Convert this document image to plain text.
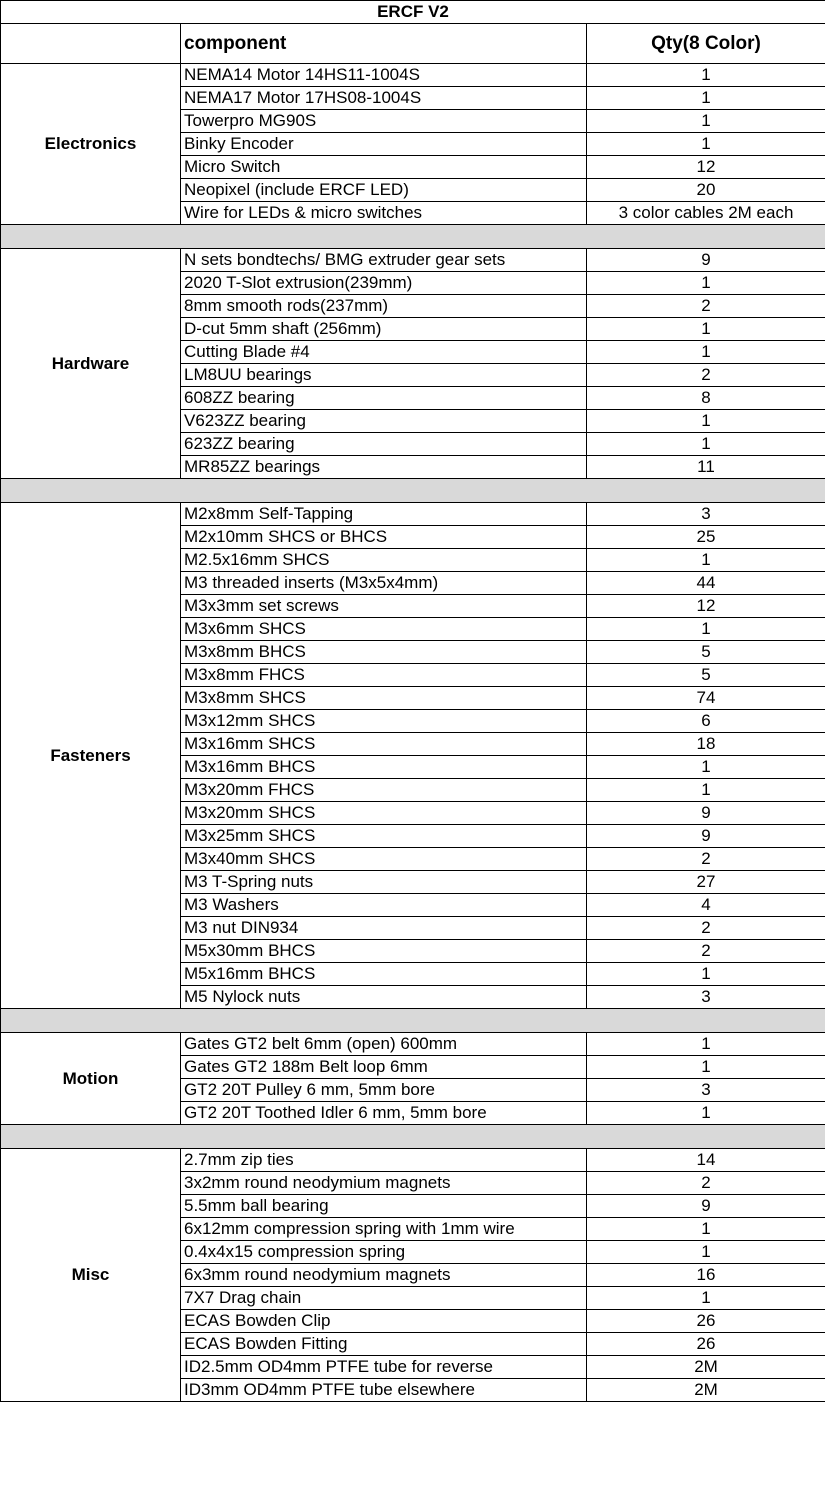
ERCF V2		
	component	Qty(8 Color)
Electronics	NEMA14 Motor 14HS11-1004S	1
	NEMA17 Motor 17HS08-1004S	1
	Towerpro MG90S	1
	Binky Encoder	1
	Micro Switch	12
	Neopixel (include ERCF LED)	20
	Wire for LEDs & micro switches	3 color cables 2M each

Hardware	N sets bondtechs/ BMG extruder gear sets	9
	2020 T-Slot extrusion(239mm)	1
	8mm smooth rods(237mm)	2
	D-cut 5mm shaft (256mm)	1
	Cutting Blade #4	1
	LM8UU bearings	2
	608ZZ bearing	8
	V623ZZ bearing	1
	623ZZ bearing	1
	MR85ZZ bearings	11

Fasteners	M2x8mm Self-Tapping	3
	M2x10mm SHCS or BHCS	25
	M2.5x16mm SHCS	1
	M3 threaded inserts (M3x5x4mm)	44
	M3x3mm set screws	12
	M3x6mm SHCS	1
	M3x8mm BHCS	5
	M3x8mm FHCS	5
	M3x8mm SHCS	74
	M3x12mm SHCS	6
	M3x16mm SHCS	18
	M3x16mm BHCS	1
	M3x20mm FHCS	1
	M3x20mm SHCS	9
	M3x25mm SHCS	9
	M3x40mm SHCS	2
	M3 T-Spring nuts	27
	M3 Washers	4
	M3 nut DIN934	2
	M5x30mm BHCS	2
	M5x16mm BHCS	1
	M5 Nylock nuts	3

Motion	Gates GT2 belt 6mm (open) 600mm	1
	Gates GT2 188m Belt loop 6mm	1
	GT2 20T Pulley 6 mm, 5mm bore	3
	GT2 20T Toothed Idler 6 mm, 5mm bore	1

Misc	2.7mm zip ties	14
	3x2mm round neodymium magnets	2
	5.5mm ball bearing	9
	6x12mm compression spring with 1mm wire	1
	0.4x4x15 compression spring	1
	6x3mm round neodymium magnets	16
	7X7 Drag chain	1
	ECAS Bowden Clip	26
	ECAS Bowden Fitting	26
	ID2.5mm OD4mm PTFE tube for reverse	2M
	ID3mm OD4mm PTFE tube elsewhere	2M
